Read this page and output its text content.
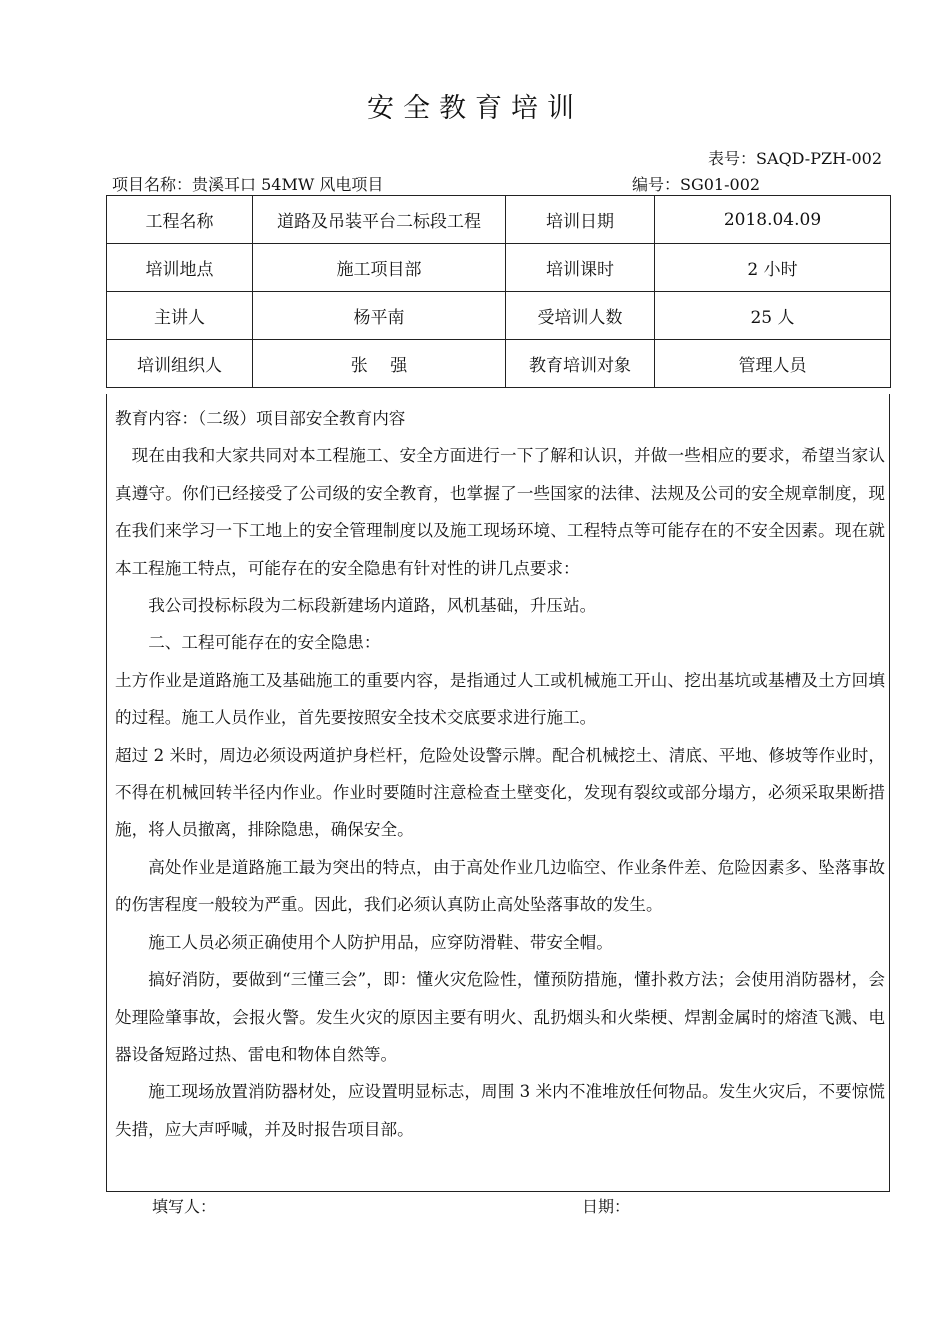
安全教育培训
表号：SAQD-PZH-002
项目名称：贵溪耳口 54MW 风电项目	编号：SG01-002
工程名称	道路及吊装平台二标段工程	培训日期	2018.04.09
培训地点	施工项目部	培训课时	2 小时
主讲人	杨平南	受培训人数	25 人
培训组织人	张　 强	教育培训对象	管理人员

教育内容：（二级）项目部安全教育内容

现在由我和大家共同对本工程施工、安全方面进行一下了解和认识，并做一些相应的要求，希望当家认真遵守。你们已经接受了公司级的安全教育，也掌握了一些国家的法律、法规及公司的安全规章制度，现在我们来学习一下工地上的安全管理制度以及施工现场环境、工程特点等可能存在的不安全因素。现在就本工程施工特点，可能存在的安全隐患有针对性的讲几点要求：

我公司投标标段为二标段新建场内道路，风机基础，升压站。

二、工程可能存在的安全隐患：

土方作业是道路施工及基础施工的重要内容，是指通过人工或机械施工开山、挖出基坑或基槽及土方回填的过程。施工人员作业，首先要按照安全技术交底要求进行施工。

超过 2 米时，周边必须设两道护身栏杆，危险处设警示牌。配合机械挖土、清底、平地、修坡等作业时，不得在机械回转半径内作业。作业时要随时注意检查土壁变化，发现有裂纹或部分塌方，必须采取果断措施，将人员撤离，排除隐患，确保安全。

高处作业是道路施工最为突出的特点，由于高处作业几边临空、作业条件差、危险因素多、坠落事故的伤害程度一般较为严重。因此，我们必须认真防止高处坠落事故的发生。

施工人员必须正确使用个人防护用品，应穿防滑鞋、带安全帽。

搞好消防，要做到“三懂三会”，即：懂火灾危险性，懂预防措施，懂扑救方法；会使用消防器材，会处理险肇事故，会报火警。发生火灾的原因主要有明火、乱扔烟头和火柴梗、焊割金属时的熔渣飞溅、电器设备短路过热、雷电和物体自然等。

施工现场放置消防器材处，应设置明显标志，周围 3 米内不准堆放任何物品。发生火灾后，不要惊慌失措，应大声呼喊，并及时报告项目部。

填写人：	日期：
